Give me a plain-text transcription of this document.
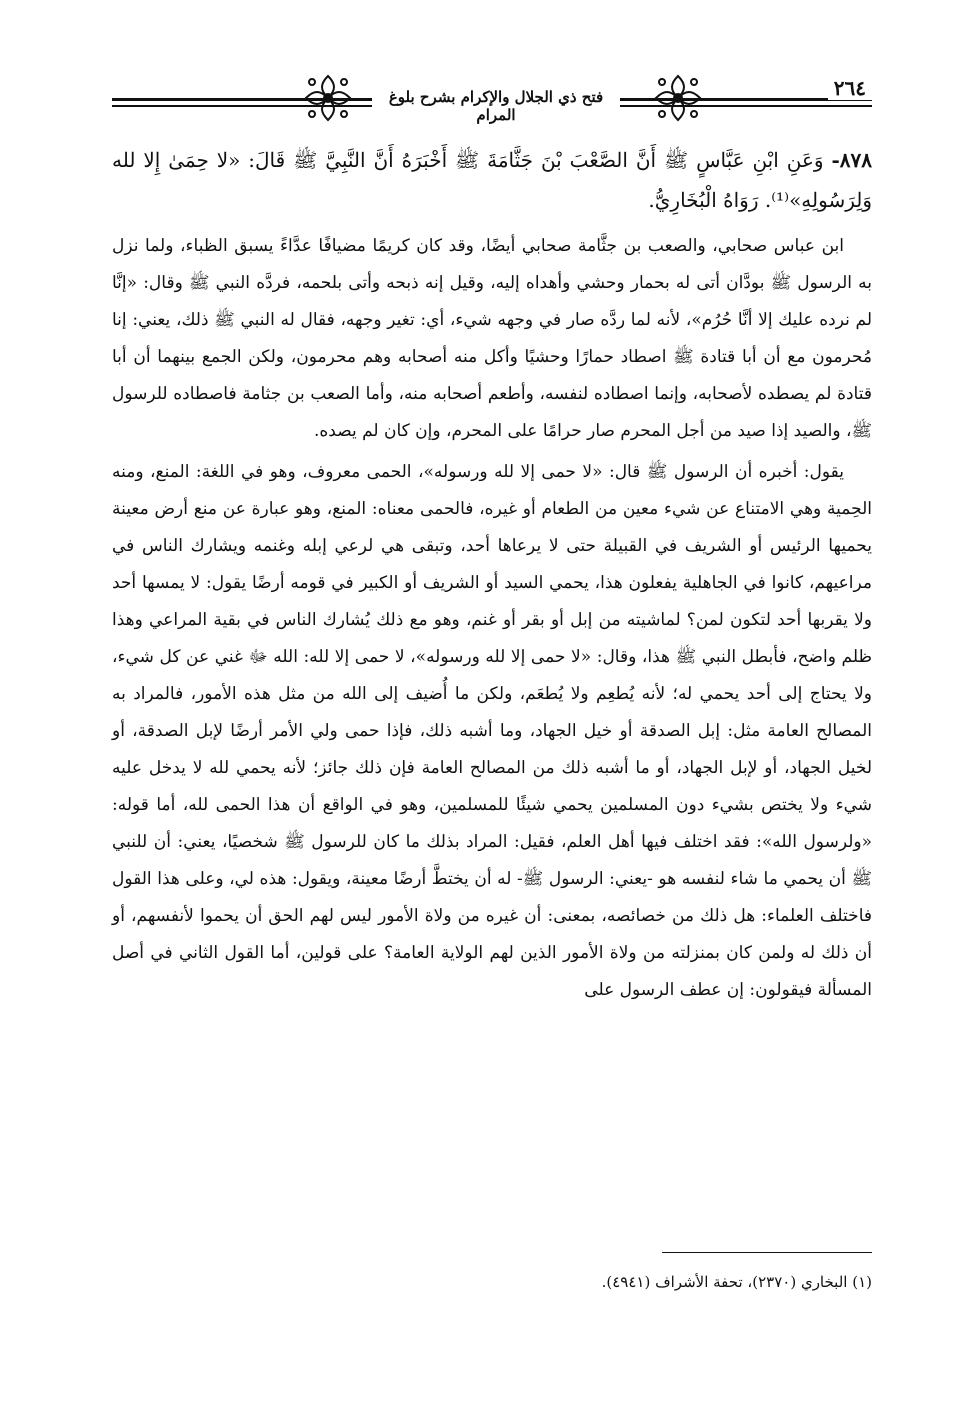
فتح ذي الجلال والإكرام بشرح بلوغ المرام
٢٦٤

٨٧٨- وَعَنِ ابْنِ عَبَّاسٍ ﷺ أَنَّ الصَّعْبَ بْنَ جَثَّامَةَ ﷺ أَخْبَرَهُ أَنَّ النَّبِيَّ ﷺ قَالَ: «لا حِمَىٰ إِلا لله وَلِرَسُولِهِ»⁽¹⁾. رَوَاهُ الْبُخَارِيُّ.

ابن عباس صحابي، والصعب بن جثَّامة صحابي أيضًا، وقد كان كريمًا مضيافًا عدَّاءً يسبق الظباء، ولما نزل به الرسول ﷺ بودَّان أتى له بحمار وحشي وأهداه إليه، وقيل إنه ذبحه وأتى بلحمه، فردَّه النبي ﷺ وقال: «إنَّا لم نرده عليك إلا أنَّا حُرُم»، لأنه لما ردَّه صار في وجهه شيء، أي: تغير وجهه، فقال له النبي ﷺ ذلك، يعني: إنا مُحرمون مع أن أبا قتادة ﷺ اصطاد حمارًا وحشيًا وأكل منه أصحابه وهم محرمون، ولكن الجمع بينهما أن أبا قتادة لم يصطده لأصحابه، وإنما اصطاده لنفسه، وأطعم أصحابه منه، وأما الصعب بن جثامة فاصطاده للرسول ﷺ، والصيد إذا صيد من أجل المحرم صار حرامًا على المحرم، وإن كان لم يصده.

يقول: أخبره أن الرسول ﷺ قال: «لا حمى إلا لله ورسوله»، الحمى معروف، وهو في اللغة: المنع، ومنه الحِمية وهي الامتناع عن شيء معين من الطعام أو غيره، فالحمى معناه: المنع، وهو عبارة عن منع أرض معينة يحميها الرئيس أو الشريف في القبيلة حتى لا يرعاها أحد، وتبقى هي لرعي إبله وغنمه ويشارك الناس في مراعيهم، كانوا في الجاهلية يفعلون هذا، يحمي السيد أو الشريف أو الكبير في قومه أرضًا يقول: لا يمسها أحد ولا يقربها أحد لتكون لمن؟ لماشيته من إبل أو بقر أو غنم، وهو مع ذلك يُشارك الناس في بقية المراعي وهذا ظلم واضح، فأبطل النبي ﷺ هذا، وقال: «لا حمى إلا لله ورسوله»، لا حمى إلا لله: الله ﷻ غني عن كل شيء، ولا يحتاج إلى أحد يحمي له؛ لأنه يُطعِم ولا يُطعَم، ولكن ما أُضيف إلى الله من مثل هذه الأمور، فالمراد به المصالح العامة مثل: إبل الصدقة أو خيل الجهاد، وما أشبه ذلك، فإذا حمى ولي الأمر أرضًا لإبل الصدقة، أو لخيل الجهاد، أو لإبل الجهاد، أو ما أشبه ذلك من المصالح العامة فإن ذلك جائز؛ لأنه يحمي لله لا يدخل عليه شيء ولا يختص بشيء دون المسلمين يحمي شيئًا للمسلمين، وهو في الواقع أن هذا الحمى لله، أما قوله: «ولرسول الله»: فقد اختلف فيها أهل العلم، فقيل: المراد بذلك ما كان للرسول ﷺ شخصيًا، يعني: أن للنبي ﷺ أن يحمي ما شاء لنفسه هو -يعني: الرسول ﷺ- له أن يختطَّ أرضًا معينة، ويقول: هذه لي، وعلى هذا القول فاختلف العلماء: هل ذلك من خصائصه، بمعنى: أن غيره من ولاة الأمور ليس لهم الحق أن يحموا لأنفسهم، أو أن ذلك له ولمن كان بمنزلته من ولاة الأمور الذين لهم الولاية العامة؟ على قولين، أما القول الثاني في أصل المسألة فيقولون: إن عطف الرسول على

(١) البخاري (٢٣٧٠)، تحفة الأشراف (٤٩٤١).
